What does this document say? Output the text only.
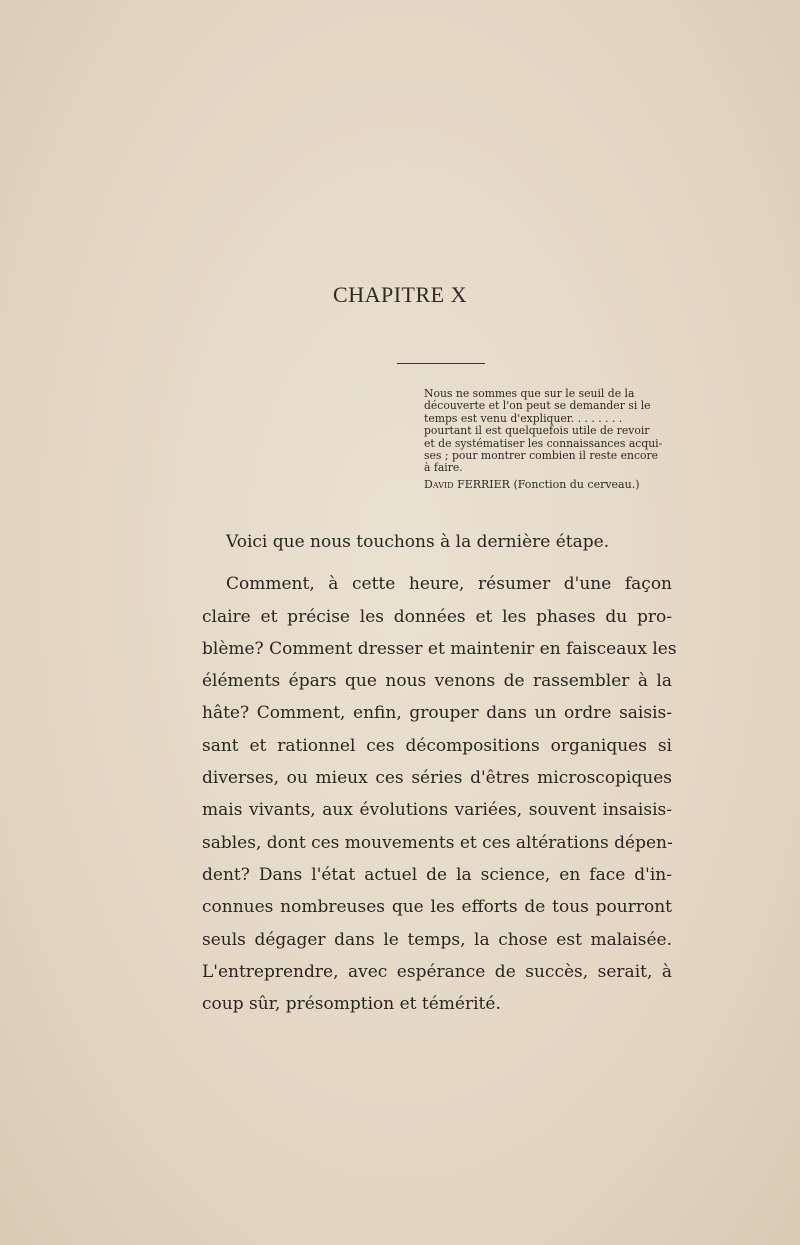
CHAPITRE X
Nous ne sommes que sur le seuil de la
découverte et l'on peut se demander si le
temps est venu d'expliquer. . . . . . . .
pourtant il est quelquefois utile de revoir
et de systématiser les connaissances acqui-
ses ; pour montrer combien il reste encore
à faire.
David FERRIER (Fonction du cerveau.)
Voici que nous touchons à la dernière étape.
Comment, à cette heure, résumer d'une façon
claire et précise les données et les phases du pro-
blème? Comment dresser et maintenir en faisceaux les
éléments épars que nous venons de rassembler à la
hâte? Comment, enfin, grouper dans un ordre saisis-
sant et rationnel ces décompositions organiques si
diverses, ou mieux ces séries d'êtres microscopiques
mais vivants, aux évolutions variées, souvent insaisis-
sables, dont ces mouvements et ces altérations dépen-
dent? Dans l'état actuel de la science, en face d'in-
connues nombreuses que les efforts de tous pourront
seuls dégager dans le temps, la chose est malaisée.
L'entreprendre, avec espérance de succès, serait, à
coup sûr, présomption et témérité.
